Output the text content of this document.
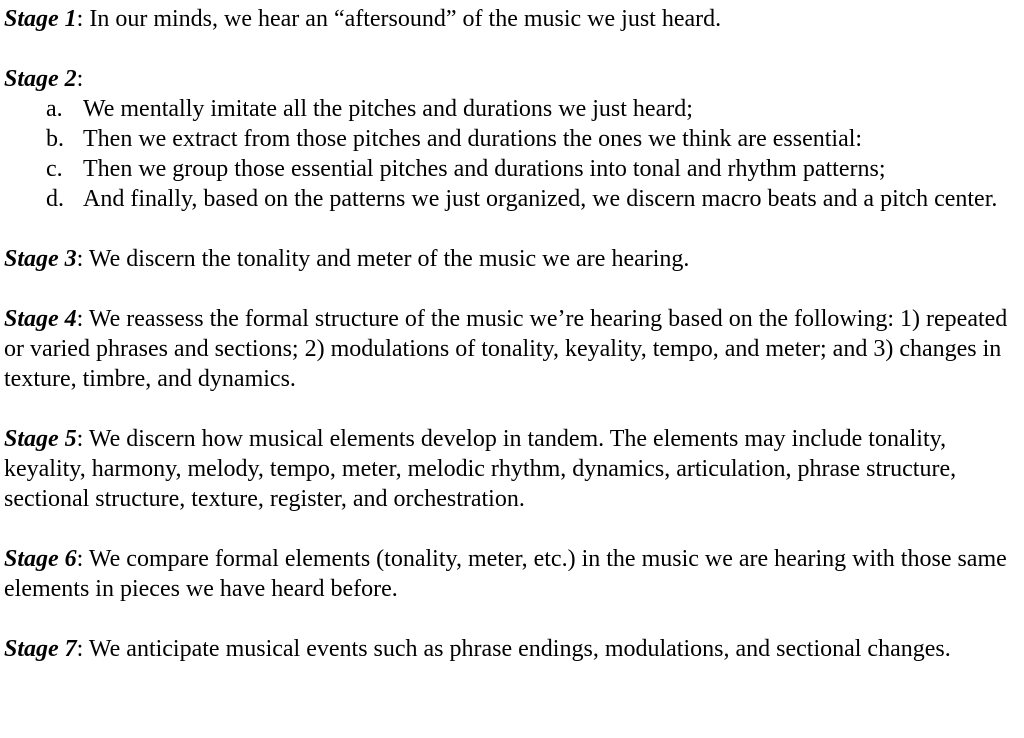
Stage 1: In our minds, we hear an “aftersound” of the music we just heard.
Stage 2:
a. We mentally imitate all the pitches and durations we just heard;
b. Then we extract from those pitches and durations the ones we think are essential:
c. Then we group those essential pitches and durations into tonal and rhythm patterns;
d. And finally, based on the patterns we just organized, we discern macro beats and a pitch center.
Stage 3: We discern the tonality and meter of the music we are hearing.
Stage 4: We reassess the formal structure of the music we’re hearing based on the following: 1) repeated or varied phrases and sections; 2) modulations of tonality, keyality, tempo, and meter; and 3) changes in texture, timbre, and dynamics.
Stage 5: We discern how musical elements develop in tandem. The elements may include tonality, keyality, harmony, melody, tempo, meter, melodic rhythm, dynamics, articulation, phrase structure, sectional structure, texture, register, and orchestration.
Stage 6: We compare formal elements (tonality, meter, etc.) in the music we are hearing with those same elements in pieces we have heard before.
Stage 7: We anticipate musical events such as phrase endings, modulations, and sectional changes.
